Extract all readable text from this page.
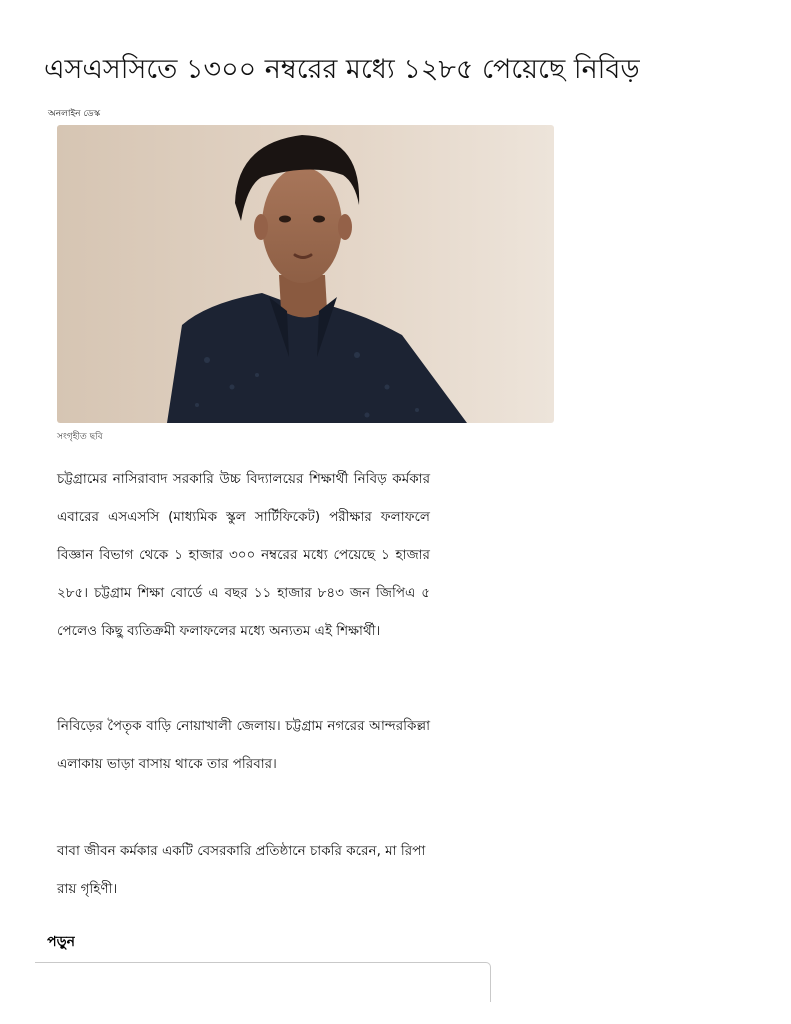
এসএসসিতে ১৩০০ নম্বরের মধ্যে ১২৮৫ পেয়েছে নিবিড়
অনলাইন ডেস্ক
সংগৃহীত ছবি

চট্টগ্রামের নাসিরাবাদ সরকারি উচ্চ বিদ্যালয়ের শিক্ষার্থী নিবিড় কর্মকার এবারের এসএসসি (মাধ্যমিক স্কুল সার্টিফিকেট) পরীক্ষার ফলাফলে বিজ্ঞান বিভাগ থেকে ১ হাজার ৩০০ নম্বরের মধ্যে পেয়েছে ১ হাজার ২৮৫। চট্টগ্রাম শিক্ষা বোর্ডে এ বছর ১১ হাজার ৮৪৩ জন জিপিএ ৫ পেলেও কিছু ব্যতিক্রমী ফলাফলের মধ্যে অন্যতম এই শিক্ষার্থী।

নিবিড়ের পৈতৃক বাড়ি নোয়াখালী জেলায়। চট্টগ্রাম নগরের আন্দরকিল্লা এলাকায় ভাড়া বাসায় থাকে তার পরিবার।

বাবা জীবন কর্মকার একটি বেসরকারি প্রতিষ্ঠানে চাকরি করেন, মা রিপা রায় গৃহিণী।

পড়ুন
